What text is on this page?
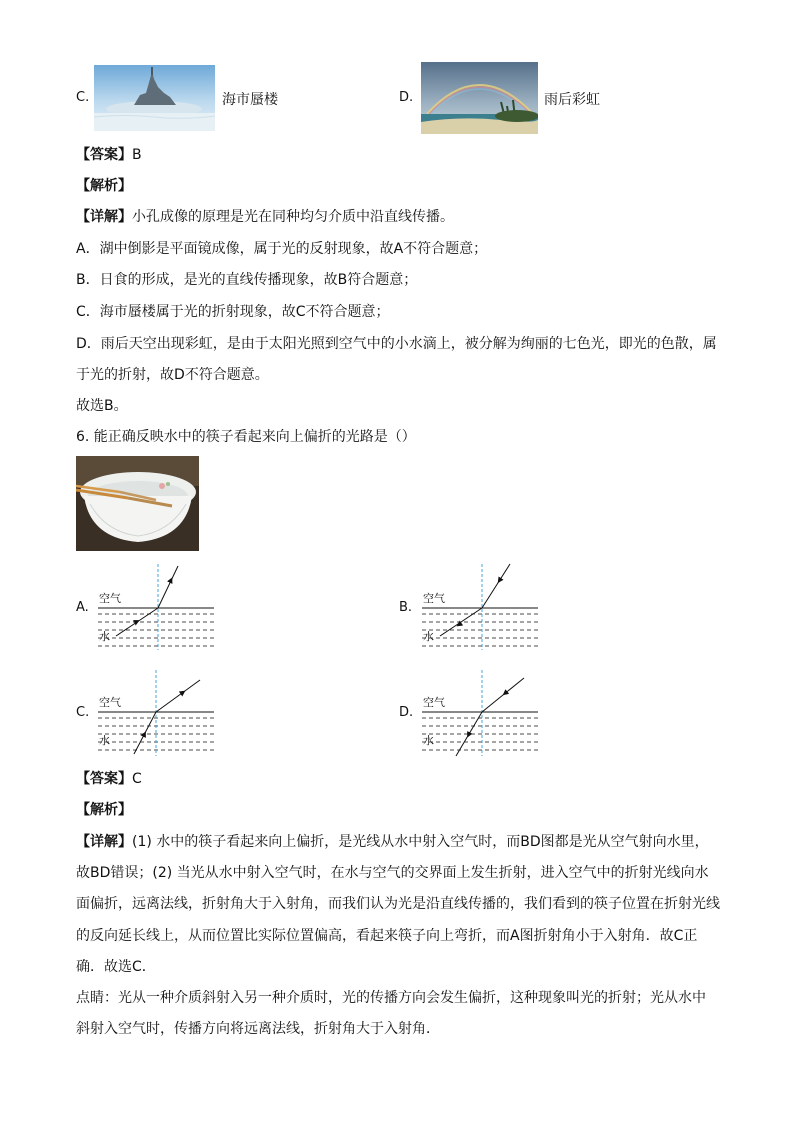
C.	海市蜃楼	D.	雨后彩虹
【答案】B
【解析】
【详解】小孔成像的原理是光在同种均匀介质中沿直线传播。
A．湖中倒影是平面镜成像，属于光的反射现象，故A不符合题意；
B．日食的形成，是光的直线传播现象，故B符合题意；
C．海市蜃楼属于光的折射现象，故C不符合题意；
D．雨后天空出现彩虹，是由于太阳光照到空气中的小水滴上，被分解为绚丽的七色光，即光的色散，属
于光的折射，故D不符合题意。
故选B。
6. 能正确反映水中的筷子看起来向上偏折的光路是（）
A.
空气
水
B.
空气
水
C.
空气
水
D.
空气
水
【答案】C
【解析】
【详解】(1) 水中的筷子看起来向上偏折，是光线从水中射入空气时，而BD图都是光从空气射向水里，
故BD错误；(2) 当光从水中射入空气时，在水与空气的交界面上发生折射，进入空气中的折射光线向水
面偏折，远离法线，折射角大于入射角，而我们认为光是沿直线传播的，我们看到的筷子位置在折射光线
的反向延长线上，从而位置比实际位置偏高，看起来筷子向上弯折，而A图折射角小于入射角．故C正
确．故选C．
点睛：光从一种介质斜射入另一种介质时，光的传播方向会发生偏折，这种现象叫光的折射；光从水中
斜射入空气时，传播方向将远离法线，折射角大于入射角．
